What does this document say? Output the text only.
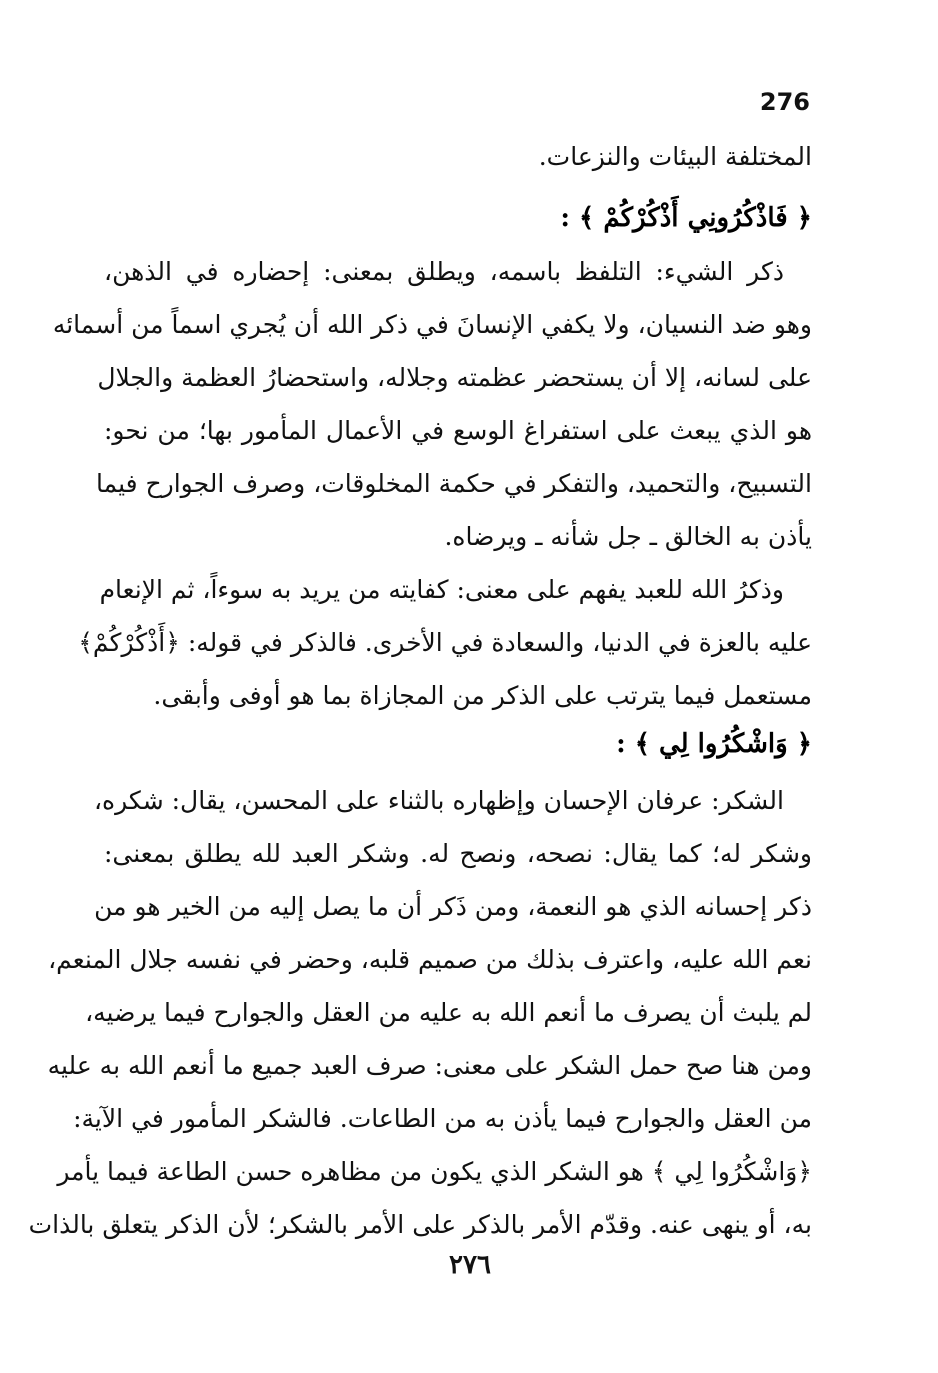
276
المختلفة البيئات والنزعات.
﴿ فَاذْكُرُونِي أَذْكُرْكُمْ ﴾ :
ذكر الشيء: التلفظ باسمه، ويطلق بمعنى: إحضاره في الذهن،
وهو ضد النسيان، ولا يكفي الإنسانَ في ذكر الله أن يُجري اسماً من أسمائه
على لسانه، إلا أن يستحضر عظمته وجلاله، واستحضارُ العظمة والجلال
هو الذي يبعث على استفراغ الوسع في الأعمال المأمور بها؛ من نحو:
التسبيح، والتحميد، والتفكر في حكمة المخلوقات، وصرف الجوارح فيما
يأذن به الخالق ـ جل شأنه ـ ويرضاه.
وذكرُ الله للعبد يفهم على معنى: كفايته من يريد به سوءاً، ثم الإنعام
عليه بالعزة في الدنيا، والسعادة في الأخرى. فالذكر في قوله: ﴿أَذْكُرْكُمْ﴾
مستعمل فيما يترتب على الذكر من المجازاة بما هو أوفى وأبقى.
﴿ وَاشْكُرُوا لِي ﴾ :
الشكر: عرفان الإحسان وإظهاره بالثناء على المحسن، يقال: شكره،
وشكر له؛ كما يقال: نصحه، ونصح له. وشكر العبد لله يطلق بمعنى:
ذكر إحسانه الذي هو النعمة، ومن ذَكر أن ما يصل إليه من الخير هو من
نعم الله عليه، واعترف بذلك من صميم قلبه، وحضر في نفسه جلال المنعم،
لم يلبث أن يصرف ما أنعم الله به عليه من العقل والجوارح فيما يرضيه،
ومن هنا صح حمل الشكر على معنى: صرف العبد جميع ما أنعم الله به عليه
من العقل والجوارح فيما يأذن به من الطاعات. فالشكر المأمور في الآية:
﴿وَاشْكُرُوا لِي ﴾ هو الشكر الذي يكون من مظاهره حسن الطاعة فيما يأمر
به، أو ينهى عنه. وقدّم الأمر بالذكر على الأمر بالشكر؛ لأن الذكر يتعلق بالذات
٢٧٦
